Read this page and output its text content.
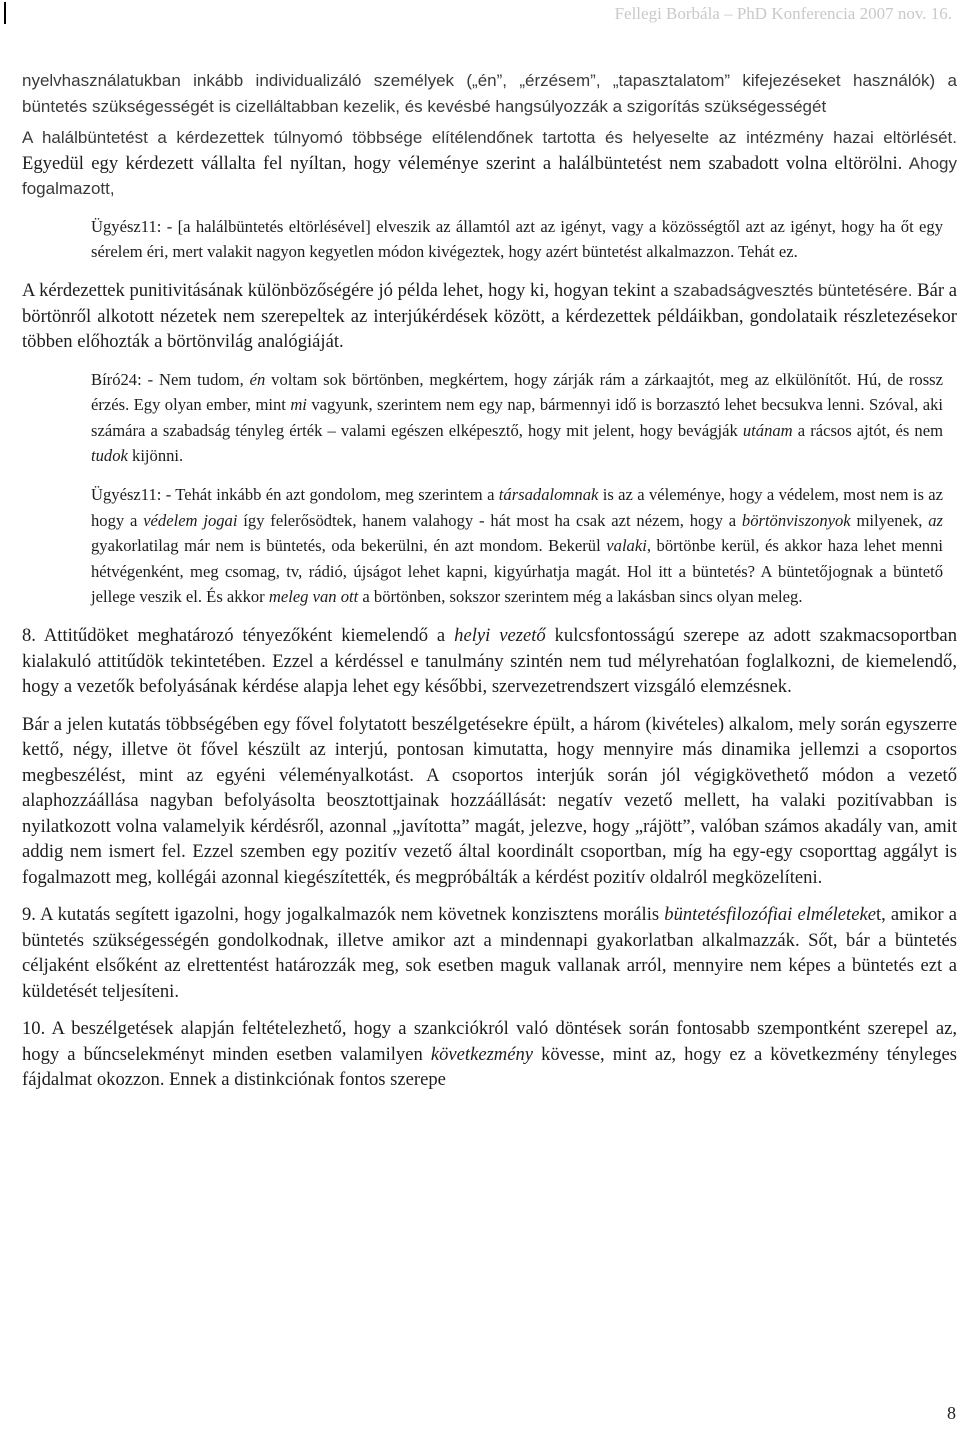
Fellegi Borbála – PhD Konferencia 2007 nov. 16.

nyelvhasználatukban inkább individualizáló személyek („én”, „érzésem”, „tapasztalatom” kifejezéseket használók) a büntetés szükségességét is cizelláltabban kezelik, és kevésbé hangsúlyozzák a szigorítás szükségességét

A halálbüntetést a kérdezettek túlnyomó többsége elítélendőnek tartotta és helyeselte az intézmény hazai eltörlését. Egyedül egy kérdezett vállalta fel nyíltan, hogy véleménye szerint a halálbüntetést nem szabadott volna eltörölni. Ahogy fogalmazott,

Ügyész11: - [a halálbüntetés eltörlésével] elveszik az államtól azt az igényt, vagy a közösségtől azt az igényt, hogy ha őt egy sérelem éri, mert valakit nagyon kegyetlen módon kivégeztek, hogy azért büntetést alkalmazzon. Tehát ez.

A kérdezettek punitivitásának különbözőségére jó példa lehet, hogy ki, hogyan tekint a szabadságvesztés büntetésére. Bár a börtönről alkotott nézetek nem szerepeltek az interjúkérdések között, a kérdezettek példáikban, gondolataik részletezésekor többen előhozták a börtönvilág analógiáját.

Bíró24: - Nem tudom, én voltam sok börtönben, megkértem, hogy zárják rám a zárkaajtót, meg az elkülönítőt. Hú, de rossz érzés. Egy olyan ember, mint mi vagyunk, szerintem nem egy nap, bármennyi idő is borzasztó lehet becsukva lenni. Szóval, aki számára a szabadság tényleg érték – valami egészen elképesztő, hogy mit jelent, hogy bevágják utánam a rácsos ajtót, és nem tudok kijönni.

Ügyész11: - Tehát inkább én azt gondolom, meg szerintem a társadalomnak is az a véleménye, hogy a védelem, most nem is az hogy a védelem jogai így felerősödtek, hanem valahogy - hát most ha csak azt nézem, hogy a börtönviszonyok milyenek, az gyakorlatilag már nem is büntetés, oda bekerülni, én azt mondom. Bekerül valaki, börtönbe kerül, és akkor haza lehet menni hétvégenként, meg csomag, tv, rádió, újságot lehet kapni, kigyúrhatja magát. Hol itt a büntetés? A büntetőjognak a büntető jellege veszik el. És akkor meleg van ott a börtönben, sokszor szerintem még a lakásban sincs olyan meleg.

8. Attitűdöket meghatározó tényezőként kiemelendő a helyi vezető kulcsfontosságú szerepe az adott szakmacsoportban kialakuló attitűdök tekintetében. Ezzel a kérdéssel e tanulmány szintén nem tud mélyrehatóan foglalkozni, de kiemelendő, hogy a vezetők befolyásának kérdése alapja lehet egy későbbi, szervezetrendszert vizsgáló elemzésnek.

Bár a jelen kutatás többségében egy fővel folytatott beszélgetésekre épült, a három (kivételes) alkalom, mely során egyszerre kettő, négy, illetve öt fővel készült az interjú, pontosan kimutatta, hogy mennyire más dinamika jellemzi a csoportos megbeszélést, mint az egyéni véleményalkotást. A csoportos interjúk során jól végigkövethető módon a vezető alaphozzáállása nagyban befolyásolta beosztottjainak hozzáállását: negatív vezető mellett, ha valaki pozitívabban is nyilatkozott volna valamelyik kérdésről, azonnal „javította” magát, jelezve, hogy „rájött”, valóban számos akadály van, amit addig nem ismert fel. Ezzel szemben egy pozitív vezető által koordinált csoportban, míg ha egy-egy csoporttag aggályt is fogalmazott meg, kollégái azonnal kiegészítették, és megpróbálták a kérdést pozitív oldalról megközelíteni.

9. A kutatás segített igazolni, hogy jogalkalmazók nem követnek konzisztens morális büntetésfilozófiai elméleteket, amikor a büntetés szükségességén gondolkodnak, illetve amikor azt a mindennapi gyakorlatban alkalmazzák. Sőt, bár a büntetés céljaként elsőként az elrettentést határozzák meg, sok esetben maguk vallanak arról, mennyire nem képes a büntetés ezt a küldetését teljesíteni.

10. A beszélgetések alapján feltételezhető, hogy a szankciókról való döntések során fontosabb szempontként szerepel az, hogy a bűncselekményt minden esetben valamilyen következmény kövesse, mint az, hogy ez a következmény tényleges fájdalmat okozzon. Ennek a distinkciónak fontos szerepe

8
